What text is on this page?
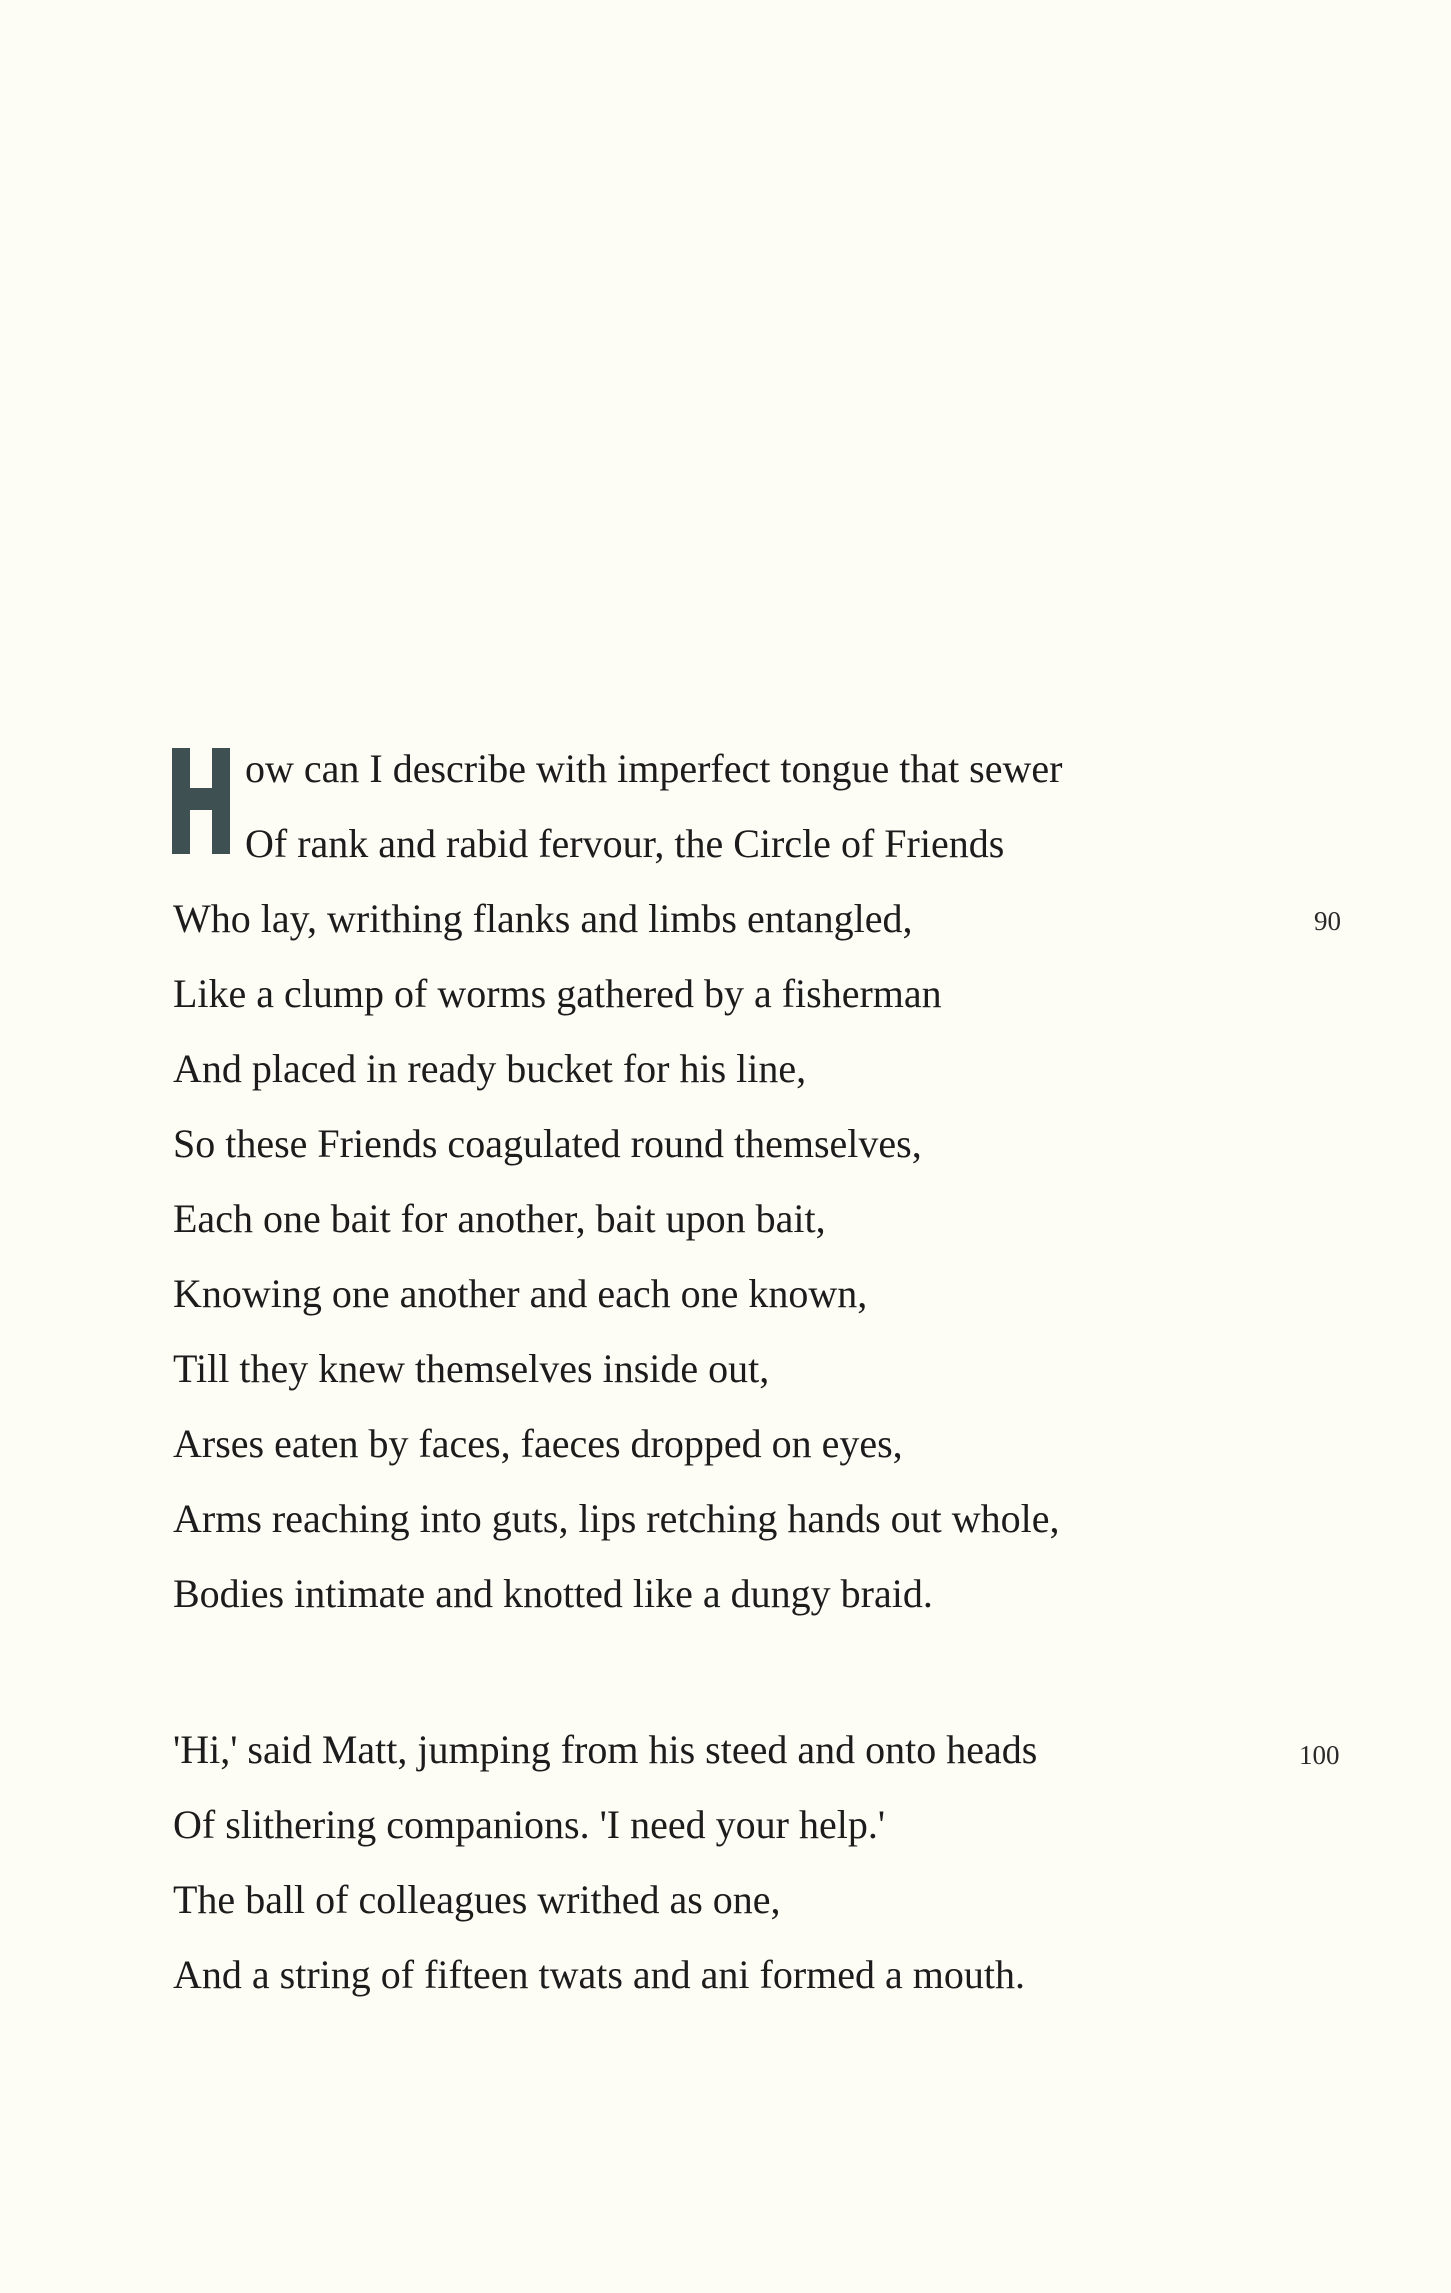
ow can I describe with imperfect tongue that sewer
Of rank and rabid fervour, the Circle of Friends
Who lay, writhing flanks and limbs entangled,
Like a clump of worms gathered by a fisherman
And placed in ready bucket for his line,
So these Friends coagulated round themselves,
Each one bait for another, bait upon bait,
Knowing one another and each one known,
Till they knew themselves inside out,
Arses eaten by faces, faeces dropped on eyes,
Arms reaching into guts, lips retching hands out whole,
Bodies intimate and knotted like a dungy braid.
'Hi,' said Matt, jumping from his steed and onto heads
Of slithering companions. 'I need your help.'
The ball of colleagues writhed as one,
And a string of fifteen twats and ani formed a mouth.
90
100
